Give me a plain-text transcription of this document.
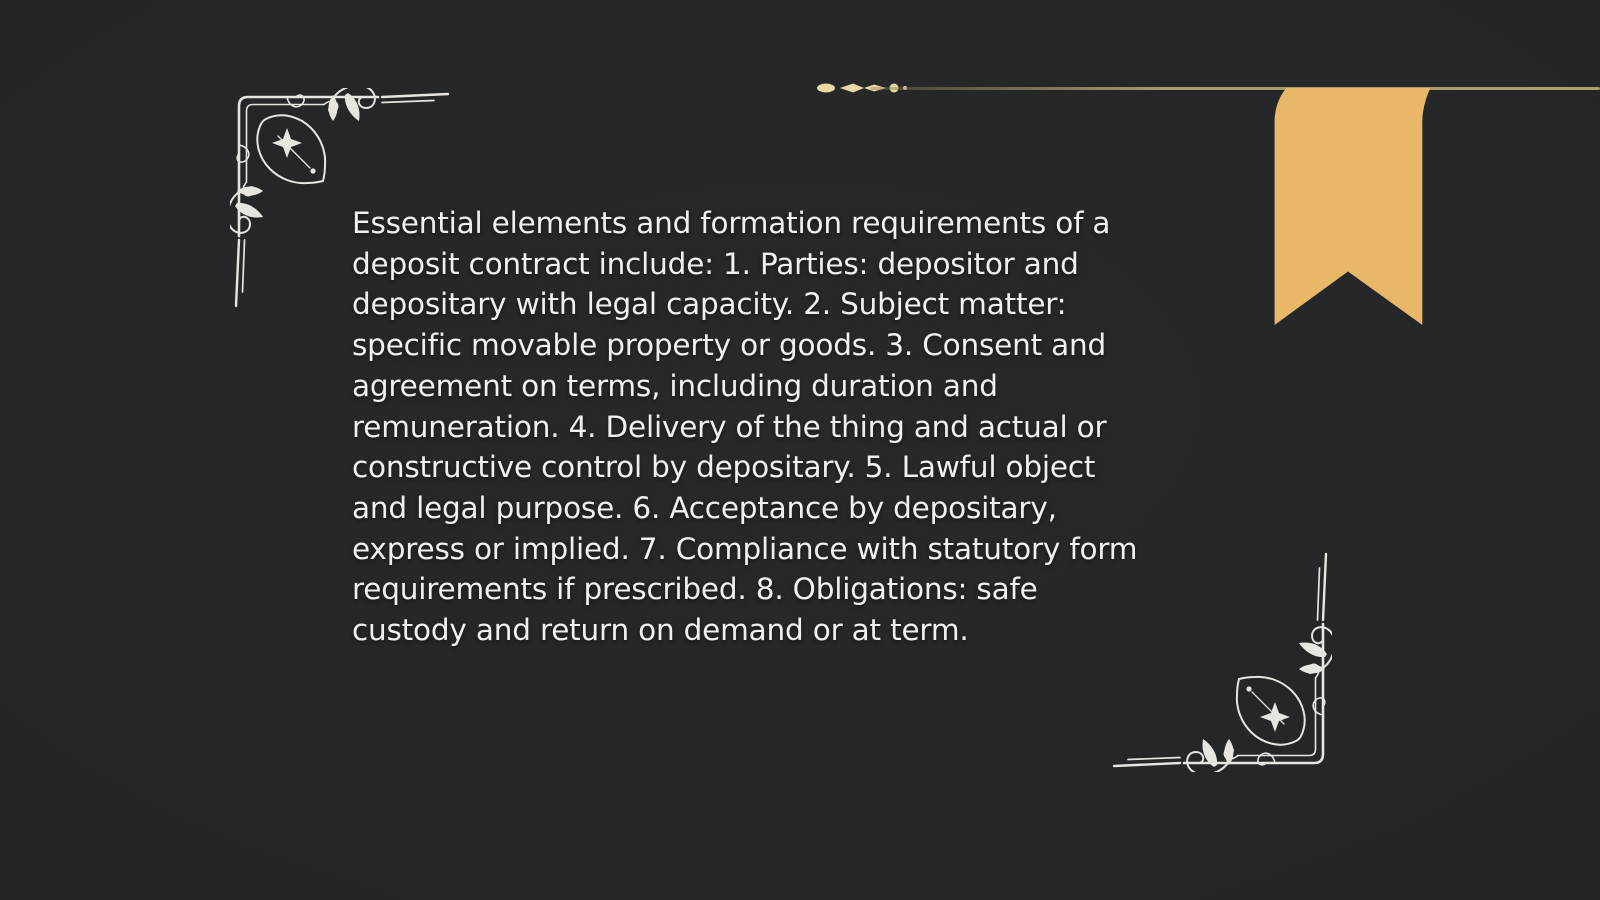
Essential elements and formation requirements of a
deposit contract include: 1. Parties: depositor and
depositary with legal capacity. 2. Subject matter:
specific movable property or goods. 3. Consent and
agreement on terms, including duration and
remuneration. 4. Delivery of the thing and actual or
constructive control by depositary. 5. Lawful object
and legal purpose. 6. Acceptance by depositary,
express or implied. 7. Compliance with statutory form
requirements if prescribed. 8. Obligations: safe
custody and return on demand or at term.
